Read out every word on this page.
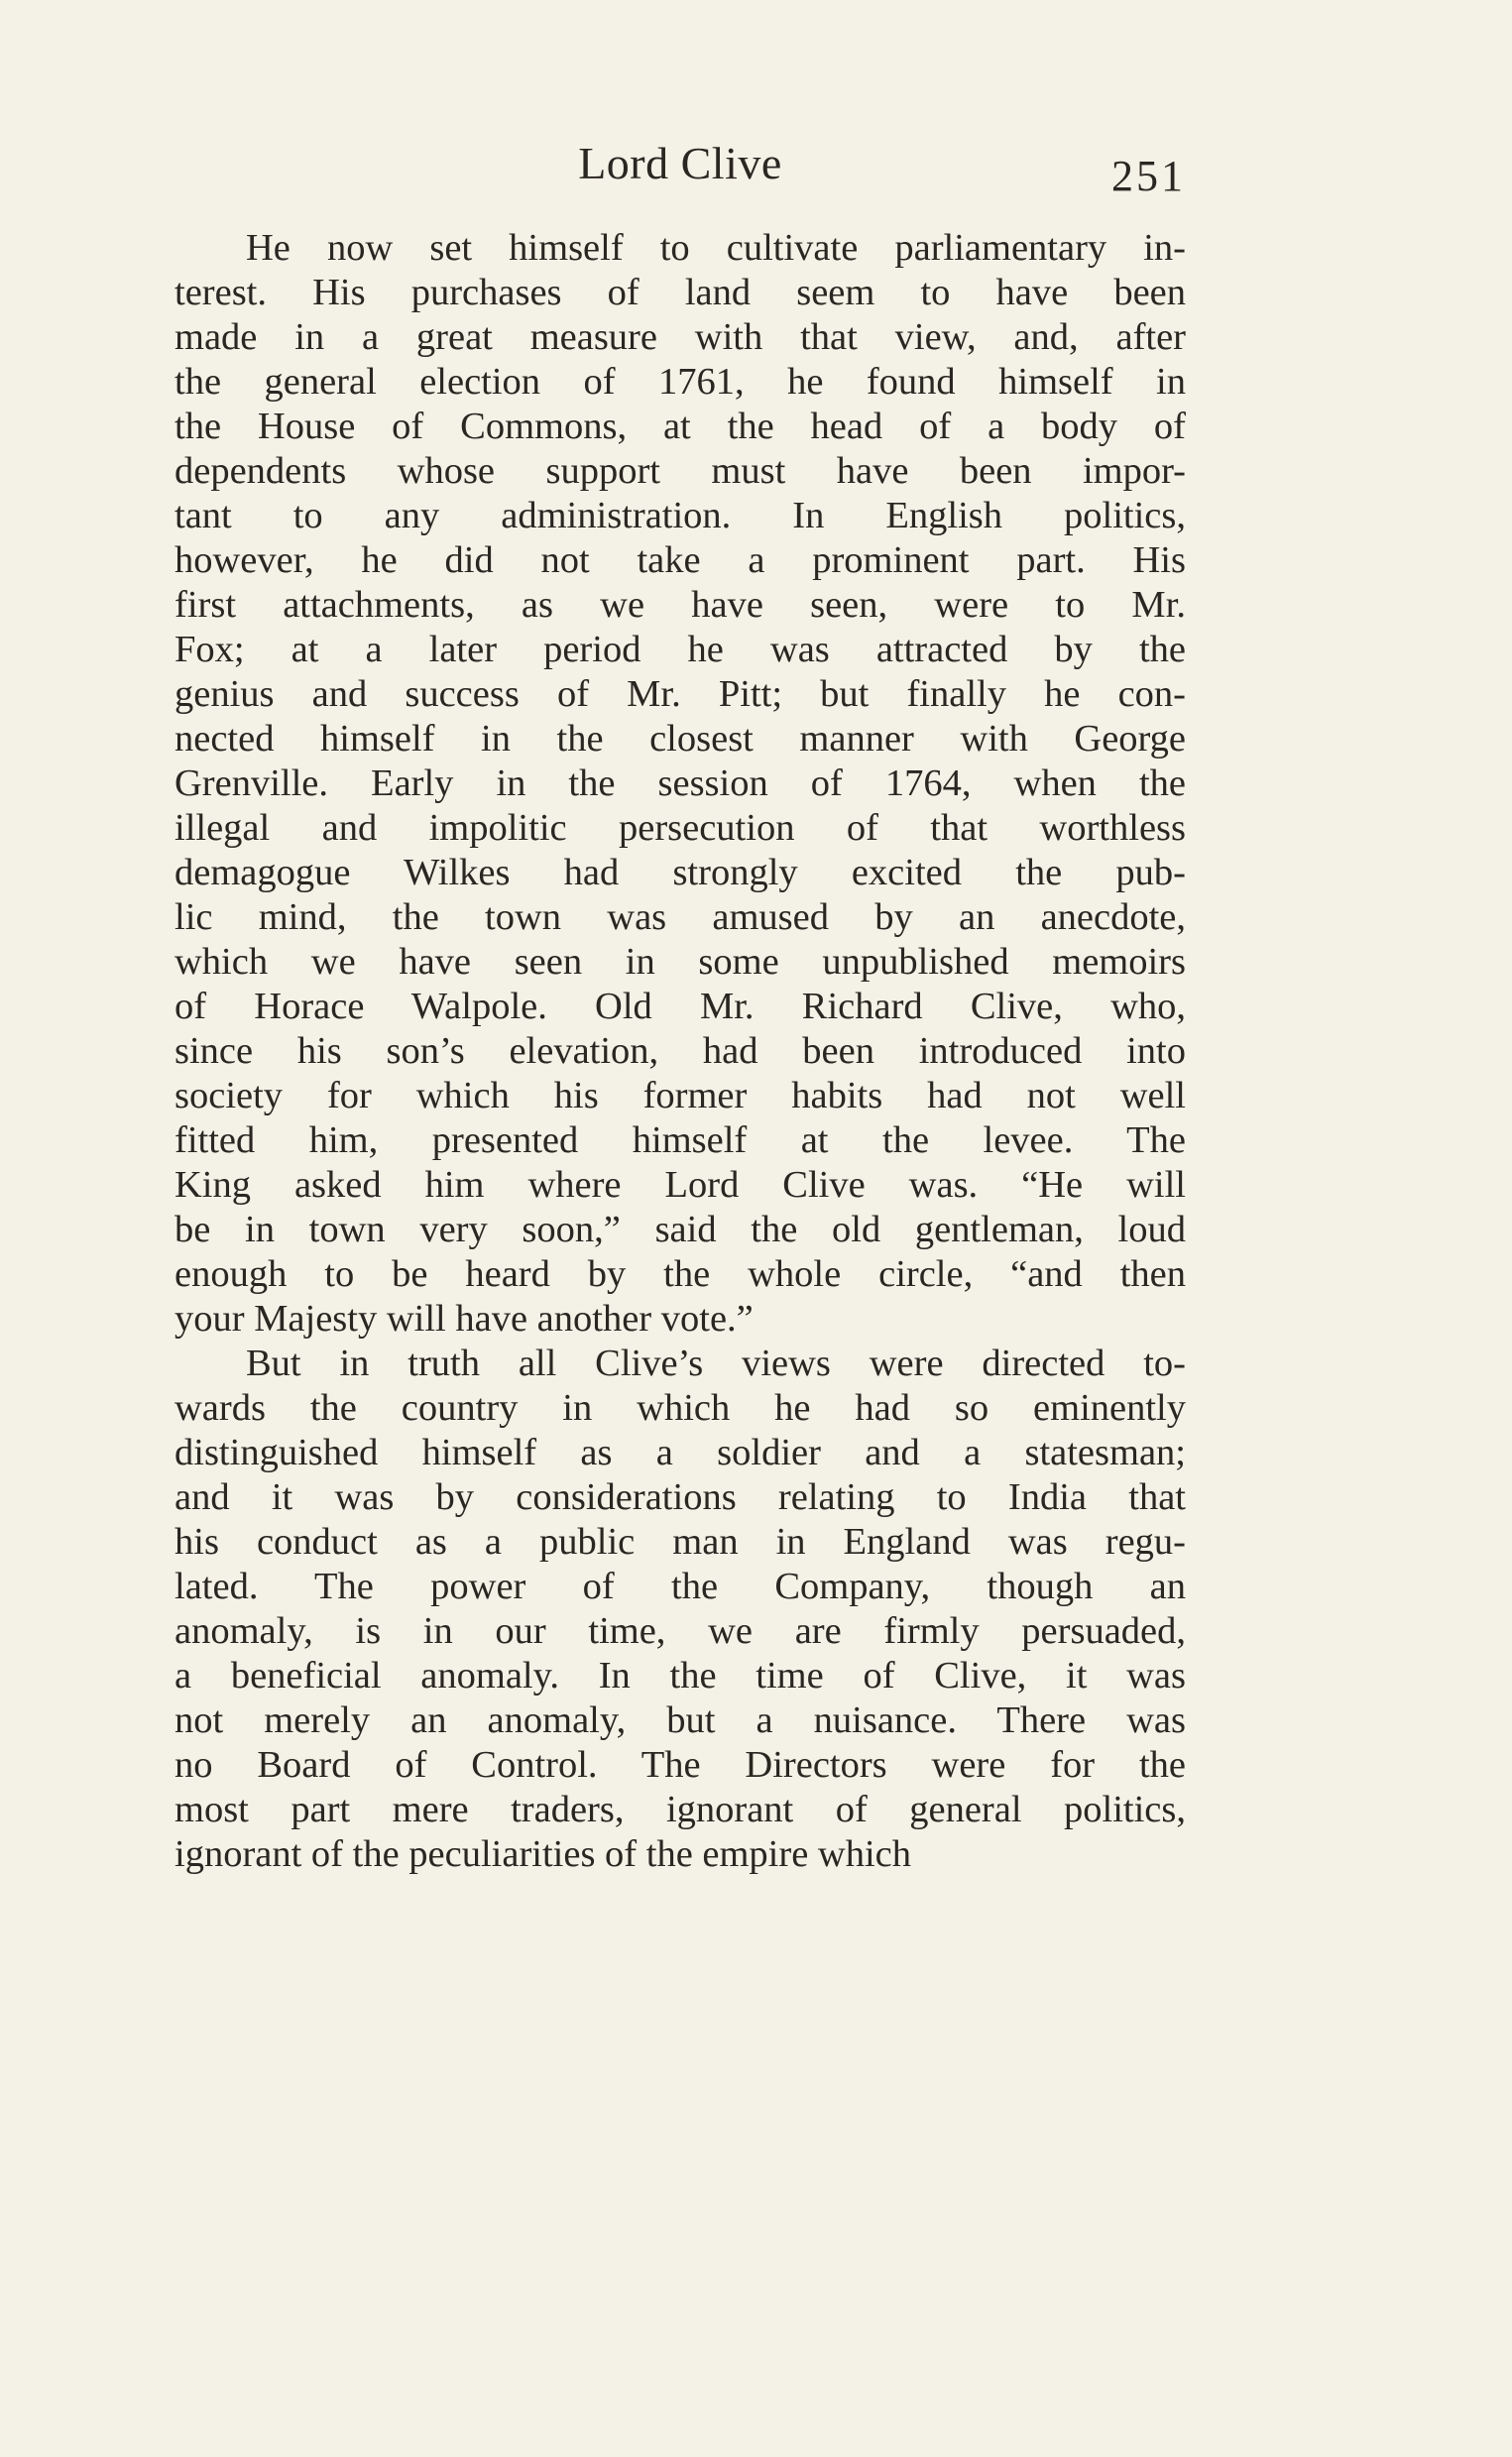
Lord Clive	251

He now set himself to cultivate parliamentary in-
terest. His purchases of land seem to have been
made in a great measure with that view, and, after
the general election of 1761, he found himself in
the House of Commons, at the head of a body of
dependents whose support must have been impor-
tant to any administration. In English politics,
however, he did not take a prominent part. His
first attachments, as we have seen, were to Mr.
Fox; at a later period he was attracted by the
genius and success of Mr. Pitt; but finally he con-
nected himself in the closest manner with George
Grenville. Early in the session of 1764, when the
illegal and impolitic persecution of that worthless
demagogue Wilkes had strongly excited the pub-
lic mind, the town was amused by an anecdote,
which we have seen in some unpublished memoirs
of Horace Walpole. Old Mr. Richard Clive, who,
since his son’s elevation, had been introduced into
society for which his former habits had not well
fitted him, presented himself at the levee. The
King asked him where Lord Clive was. “He will
be in town very soon,” said the old gentleman, loud
enough to be heard by the whole circle, “and then
your Majesty will have another vote.”

But in truth all Clive’s views were directed to-
wards the country in which he had so eminently
distinguished himself as a soldier and a statesman;
and it was by considerations relating to India that
his conduct as a public man in England was regu-
lated. The power of the Company, though an
anomaly, is in our time, we are firmly persuaded,
a beneficial anomaly. In the time of Clive, it was
not merely an anomaly, but a nuisance. There was
no Board of Control. The Directors were for the
most part mere traders, ignorant of general politics,
ignorant of the peculiarities of the empire which
